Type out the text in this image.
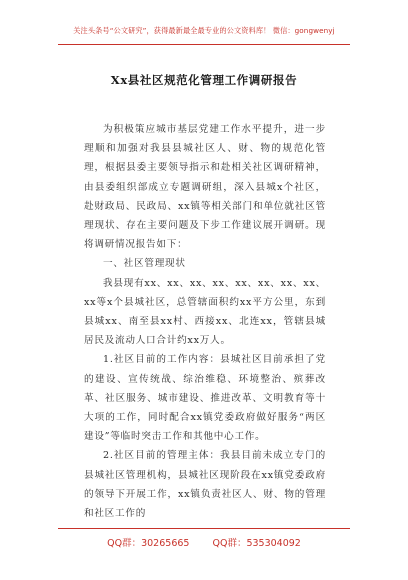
关注头条号“公文研究”，获得最新最全最专业的公文资料库！ 微信：gongwenyj
Xx县社区规范化管理工作调研报告

为积极策应城市基层党建工作水平提升，进一步理顺和加强对我县县城社区人、财、物的规范化管理，根据县委主要领导指示和赴相关社区调研精神，由县委组织部成立专题调研组，深入县城x个社区，赴财政局、民政局、xx镇等相关部门和单位就社区管理现状、存在主要问题及下步工作建议展开调研。现将调研情况报告如下：

一、社区管理现状

我县现有xx、xx、xx、xx、xx、xx、xx、xx、xx等x个县城社区，总管辖面积约xx平方公里，东到县城xx、南至县xx村、西接xx、北连xx，管辖县城居民及流动人口合计约xx万人。

1.社区目前的工作内容：县城社区目前承担了党的建设、宣传统战、综治维稳、环境整治、殡葬改革、社区服务、城市建设、推进改革、文明教育等十大项的工作，同时配合xx镇党委政府做好服务“两区建设”等临时突击工作和其他中心工作。

2.社区目前的管理主体：我县目前未成立专门的县城社区管理机构，县城社区现阶段在xx镇党委政府的领导下开展工作，xx镇负责社区人、财、物的管理和社区工作的

QQ群：30265665 QQ群：535304092
